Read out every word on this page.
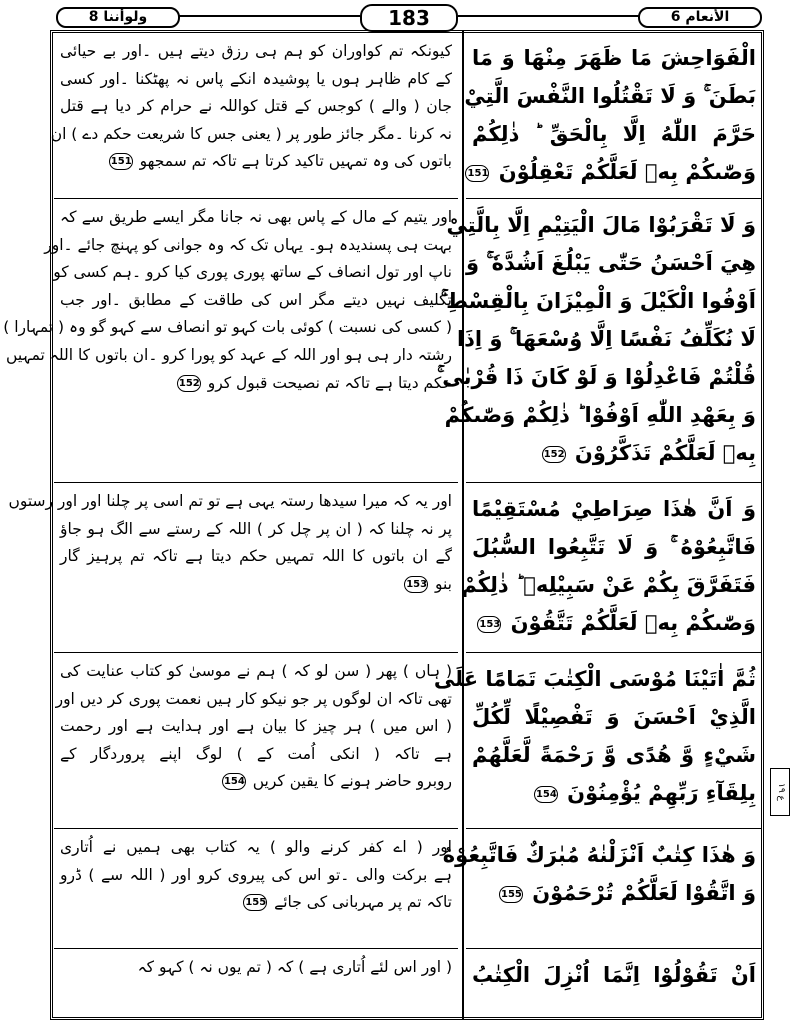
ولوأننا 8	183	الأنعام 6
۱۹ ع
الْفَوَاحِشَ مَا ظَهَرَ مِنْهَا وَ مَا
بَطَنَ ۚ وَ لَا تَقْتُلُوا النَّفْسَ الَّتِيْ
حَرَّمَ اللّٰهُ اِلَّا بِالْحَقِّ ؕ ذٰلِكُمْ
وَصّٰىكُمْ بِهٖ لَعَلَّكُمْ تَعْقِلُوْنَ 151
وَ لَا تَقْرَبُوْا مَالَ الْيَتِيْمِ اِلَّا بِالَّتِيْ
هِيَ اَحْسَنُ حَتّٰى يَبْلُغَ اَشُدَّهٗ ۚ وَ
اَوْفُوا الْكَيْلَ وَ الْمِيْزَانَ بِالْقِسْطِ ۚ
لَا نُكَلِّفُ نَفْسًا اِلَّا وُسْعَهَا ۚ وَ اِذَا
قُلْتُمْ فَاعْدِلُوْا وَ لَوْ كَانَ ذَا قُرْبٰى ۚ
وَ بِعَهْدِ اللّٰهِ اَوْفُوْا ؕ ذٰلِكُمْ وَصّٰىكُمْ
بِهٖ لَعَلَّكُمْ تَذَكَّرُوْنَ 152
وَ اَنَّ هٰذَا صِرَاطِيْ مُسْتَقِيْمًا
فَاتَّبِعُوْهُ ۚ وَ لَا تَتَّبِعُوا السُّبُلَ
فَتَفَرَّقَ بِكُمْ عَنْ سَبِيْلِهٖ ؕ ذٰلِكُمْ
وَصّٰىكُمْ بِهٖ لَعَلَّكُمْ تَتَّقُوْنَ 153
ثُمَّ اٰتَيْنَا مُوْسَى الْكِتٰبَ تَمَامًا عَلَى
الَّذِيْ اَحْسَنَ وَ تَفْصِيْلًا لِّكُلِّ
شَيْءٍ وَّ هُدًى وَّ رَحْمَةً لَّعَلَّهُمْ
بِلِقَآءِ رَبِّهِمْ يُؤْمِنُوْنَ 154
وَ هٰذَا كِتٰبٌ اَنْزَلْنٰهُ مُبٰرَكٌ فَاتَّبِعُوْهُ
وَ اتَّقُوْا لَعَلَّكُمْ تُرْحَمُوْنَ 155
اَنْ تَقُوْلُوْا اِنَّمَا اُنْزِلَ الْكِتٰبُ
کیونکہ تم کواوران کو ہم ہی رزق دیتے ہیں ۔اور بے حیائی
کے کام ظاہر ہوں یا پوشیدہ انکے پاس نہ پھٹکنا ۔اور کسی
جان ( والے ) کوجس کے قتل کواللہ نے حرام کر دیا ہے قتل
نہ کرنا ۔مگر جائز طور پر ( یعنی جس کا شریعت حکم دے ) ان
باتوں کی وہ تمہیں تاکید کرتا ہے تاکہ تم سمجھو 151
اور یتیم کے مال کے پاس بھی نہ جانا مگر ایسے طریق سے کہ
بہت ہی پسندیدہ ہو۔ یہاں تک کہ وہ جوانی کو پہنچ جائے ۔اور
ناپ اور تول انصاف کے ساتھ پوری پوری کیا کرو ۔ہم کسی کو
تکلیف نہیں دیتے مگر اس کی طاقت کے مطابق ۔اور جب
( کسی کی نسبت ) کوئی بات کہو تو انصاف سے کہو گو وہ ( تمہارا )
رشتہ دار ہی ہو اور اللہ کے عہد کو پورا کرو ۔ان باتوں کا اللہ تمہیں
حکم دیتا ہے تاکہ تم نصیحت قبول کرو 152
اور یہ کہ میرا سیدھا رستہ یہی ہے تو تم اسی پر چلنا اور اور رستوں
پر نہ چلنا کہ ( ان پر چل کر ) اللہ کے رستے سے الگ ہو جاؤ
گے ان باتوں کا اللہ تمہیں حکم دیتا ہے تاکہ تم پرہیز گار
بنو 153
( ہاں ) پھر ( سن لو کہ ) ہم نے موسیٰ کو کتاب عنایت کی
تھی تاکہ ان لوگوں پر جو نیکو کار ہیں نعمت پوری کر دیں اور
( اس میں ) ہر چیز کا بیان ہے اور ہدایت ہے اور رحمت
ہے تاکہ ( انکی اُمت کے ) لوگ اپنے پروردگار کے
روبرو حاضر ہونے کا یقین کریں 154
اور ( اے کفر کرنے والو ) یہ کتاب بھی ہمیں نے اُتاری
ہے برکت والی ۔تو اس کی پیروی کرو اور ( اللہ سے ) ڈرو
تاکہ تم پر مہربانی کی جائے 155
( اور اس لئے اُتاری ہے ) کہ ( تم یوں نہ ) کہو کہ
